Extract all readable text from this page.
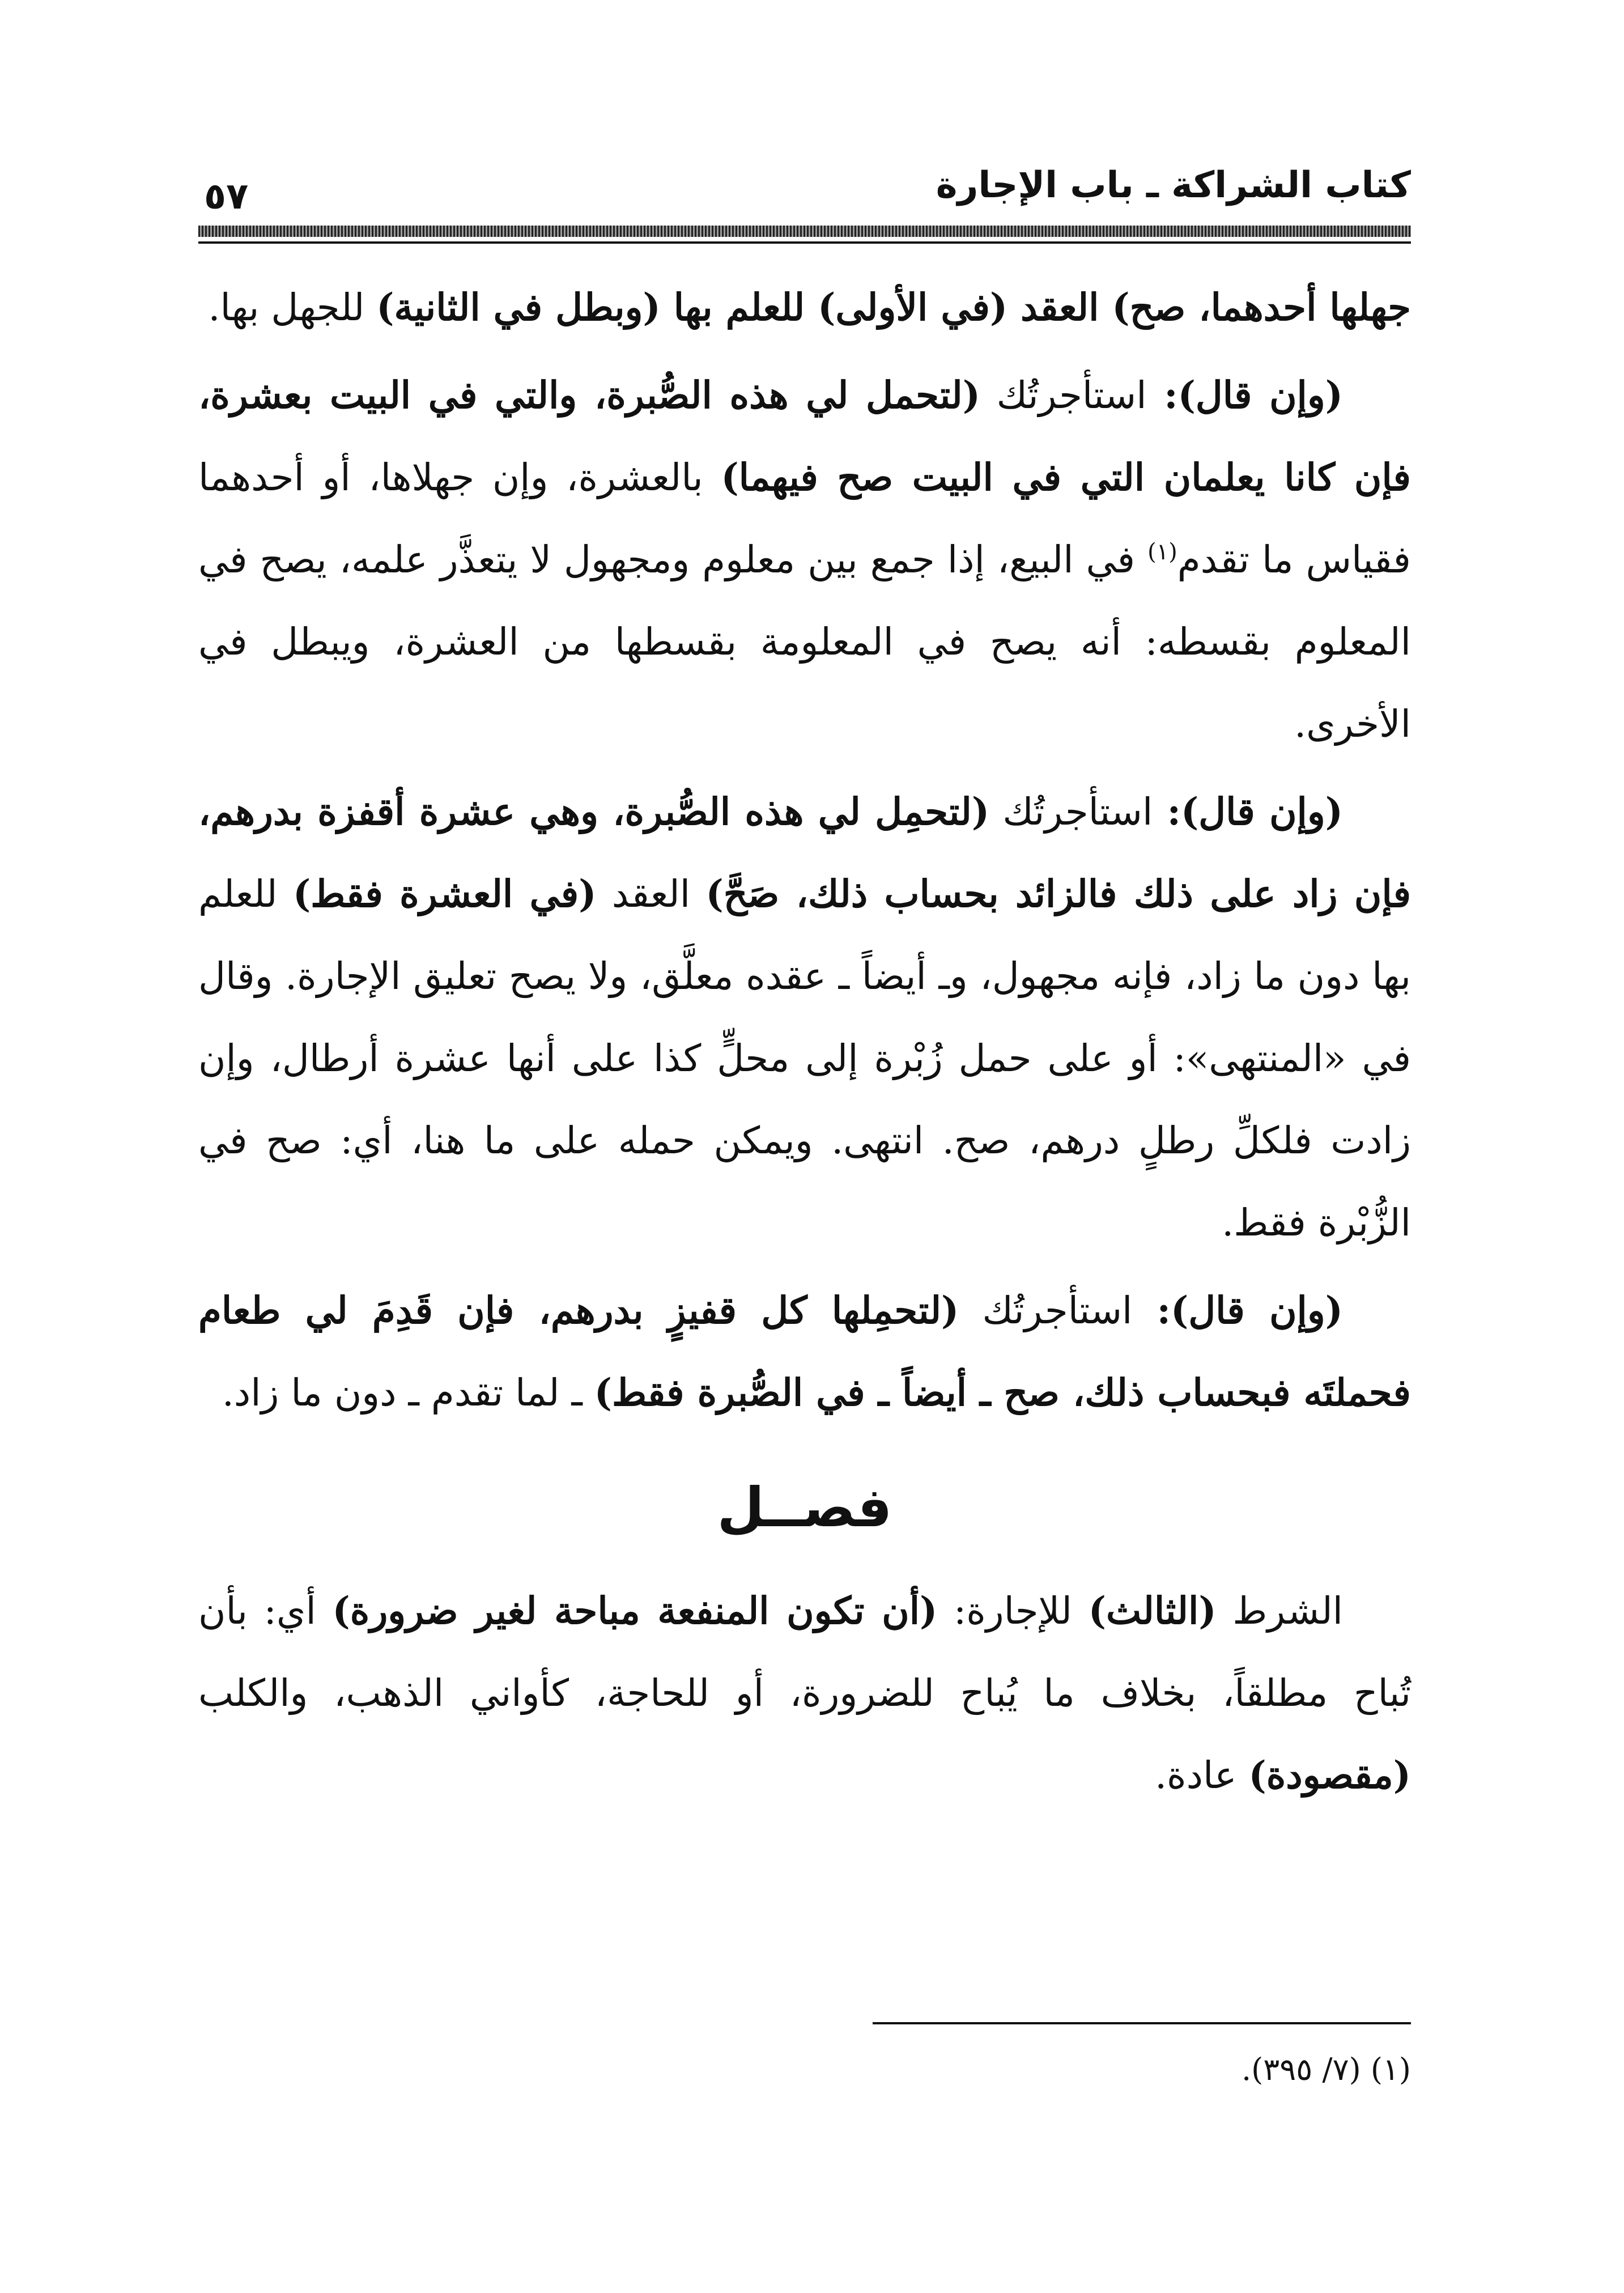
كتاب الشراكة ـ باب الإجارة
٥٧

جهلها أحدهما، صح) العقد (في الأولى) للعلم بها (وبطل في الثانية) للجهل بها.

(وإن قال): استأجرتُك (لتحمل لي هذه الصُّبرة، والتي في البيت بعشرة، فإن كانا يعلمان التي في البيت صح فيهما) بالعشرة، وإن جهلاها، أو أحدهما فقياس ما تقدم$^{(١)}$ في البيع، إذا جمع بين معلوم ومجهول لا يتعذَّر علمه، يصح في المعلوم بقسطه: أنه يصح في المعلومة بقسطها من العشرة، ويبطل في الأخرى.

(وإن قال): استأجرتُك (لتحمِل لي هذه الصُّبرة، وهي عشرة أقفزة بدرهم، فإن زاد على ذلك فالزائد بحساب ذلك، صَحَّ) العقد (في العشرة فقط) للعلم بها دون ما زاد، فإنه مجهول، وـ أيضاً ـ عقده معلَّق، ولا يصح تعليق الإجارة. وقال في «المنتهى»: أو على حمل زُبْرة إلى محلٍّ كذا على أنها عشرة أرطال، وإن زادت فلكلِّ رطلٍ درهم، صح. انتهى. ويمكن حمله على ما هنا، أي: صح في الزُّبْرة فقط.

(وإن قال): استأجرتُك (لتحمِلها كل قفيزٍ بدرهم، فإن قَدِمَ لي طعام فحملتَه فبحساب ذلك، صح ـ أيضاً ـ في الصُّبرة فقط) ـ لما تقدم ـ دون ما زاد.

فصــل

الشرط (الثالث) للإجارة: (أن تكون المنفعة مباحة لغير ضرورة) أي: بأن تُباح مطلقاً، بخلاف ما يُباح للضرورة، أو للحاجة، كأواني الذهب، والكلب (مقصودة) عادة.

(١) (٧/ ٣٩٥).
